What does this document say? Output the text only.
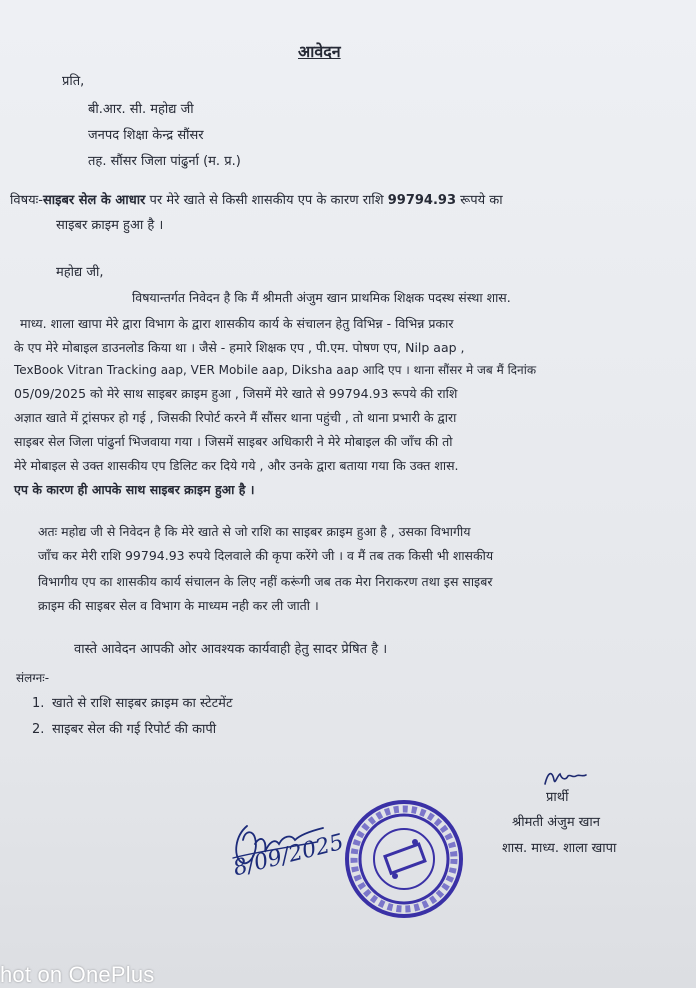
आवेदन
प्रति,
बी.आर. सी. महोद्य जी
जनपद शिक्षा केन्द्र सौंसर
तह. सौंसर जिला पांढुर्ना (म. प्र.)
विषयः-साइबर सेल के आधार पर मेरे खाते से किसी शासकीय एप के कारण राशि 99794.93 रूपये का
साइबर क्राइम हुआ है ।
महोद्य जी,
विषयान्तर्गत निवेदन है कि मैं श्रीमती अंजुम खान प्राथमिक शिक्षक पदस्थ संस्था शास.
माध्य. शाला खापा मेरे द्वारा विभाग के द्वारा शासकीय कार्य के संचालन हेतु विभिन्न - विभिन्न प्रकार
के एप मेरे मोबाइल डाउनलोड किया था । जैसे - हमारे शिक्षक एप , पी.एम. पोषण एप, Nilp aap ,
TexBook Vitran Tracking aap, VER Mobile aap, Diksha aap आदि एप । थाना सौंसर मे जब मैं दिनांक
05/09/2025 को मेरे साथ साइबर क्राइम हुआ , जिसमें मेरे खाते से 99794.93 रूपये की राशि
अज्ञात खाते में ट्रांसफर हो गई , जिसकी रिपोर्ट करने मैं सौंसर थाना पहुंची , तो थाना प्रभारी के द्वारा
साइबर सेल जिला पांढुर्ना भिजवाया गया । जिसमें साइबर अधिकारी ने मेरे मोबाइल की जाँच की तो
मेरे मोबाइल से उक्त शासकीय एप डिलिट कर दिये गये , और उनके द्वारा बताया गया कि उक्त शास.
एप के कारण ही आपके साथ साइबर क्राइम हुआ है ।
अतः महोद्य जी से निवेदन है कि मेरे खाते से जो राशि का साइबर क्राइम हुआ है , उसका विभागीय
जाँच कर मेरी राशि 99794.93 रुपये दिलवाले की कृपा करेंगे जी । व मैं तब तक किसी भी शासकीय
विभागीय एप का शासकीय कार्य संचालन के लिए नहीं करूंगी जब तक मेरा निराकरण तथा इस साइबर
क्राइम की साइबर सेल व विभाग के माध्यम नही कर ली जाती ।
वास्ते आवेदन आपकी ओर आवश्यक कार्यवाही हेतु सादर प्रेषित है ।
संलग्नः-
1. खाते से राशि साइबर क्राइम का स्टेटमेंट
2. साइबर सेल की गई रिपोर्ट की कापी
प्रार्थी
श्रीमती अंजुम खान
शास. माध्य. शाला खापा
8/09/2025
hot on OnePlus
